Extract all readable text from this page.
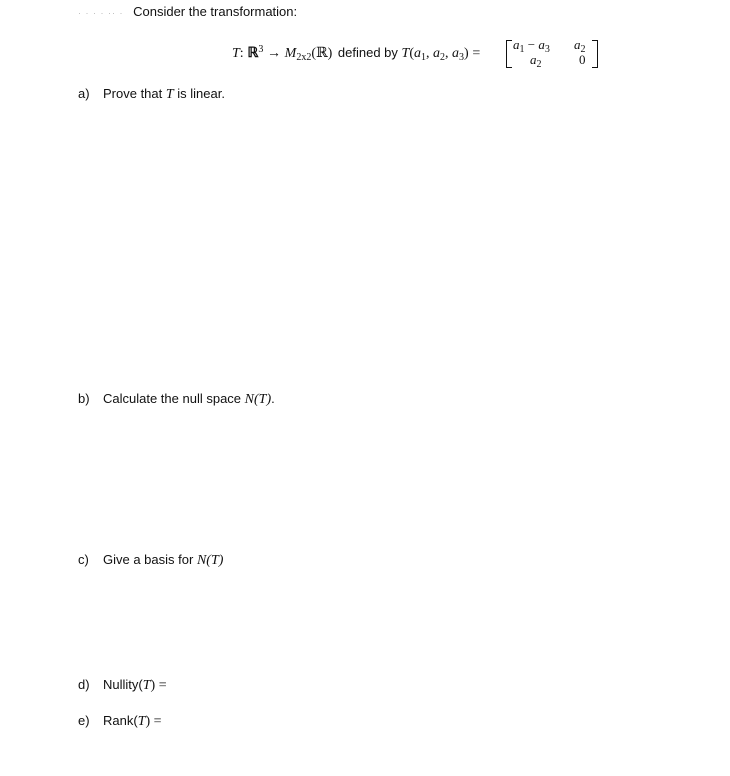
· · · · ·· · Consider the transformation:
T: ℝ$^3$ → $M_{2x2}(ℝ)$ defined by $T(a_1$, $a_2$, $a_3$) =
$a_1 - a_3$ $a_2$
$a_2$	0
a) Prove that T is linear.
b) Calculate the null space N(T).
c) Give a basis for N(T)
d) Nullity(T) =
e) Rank(T) =
